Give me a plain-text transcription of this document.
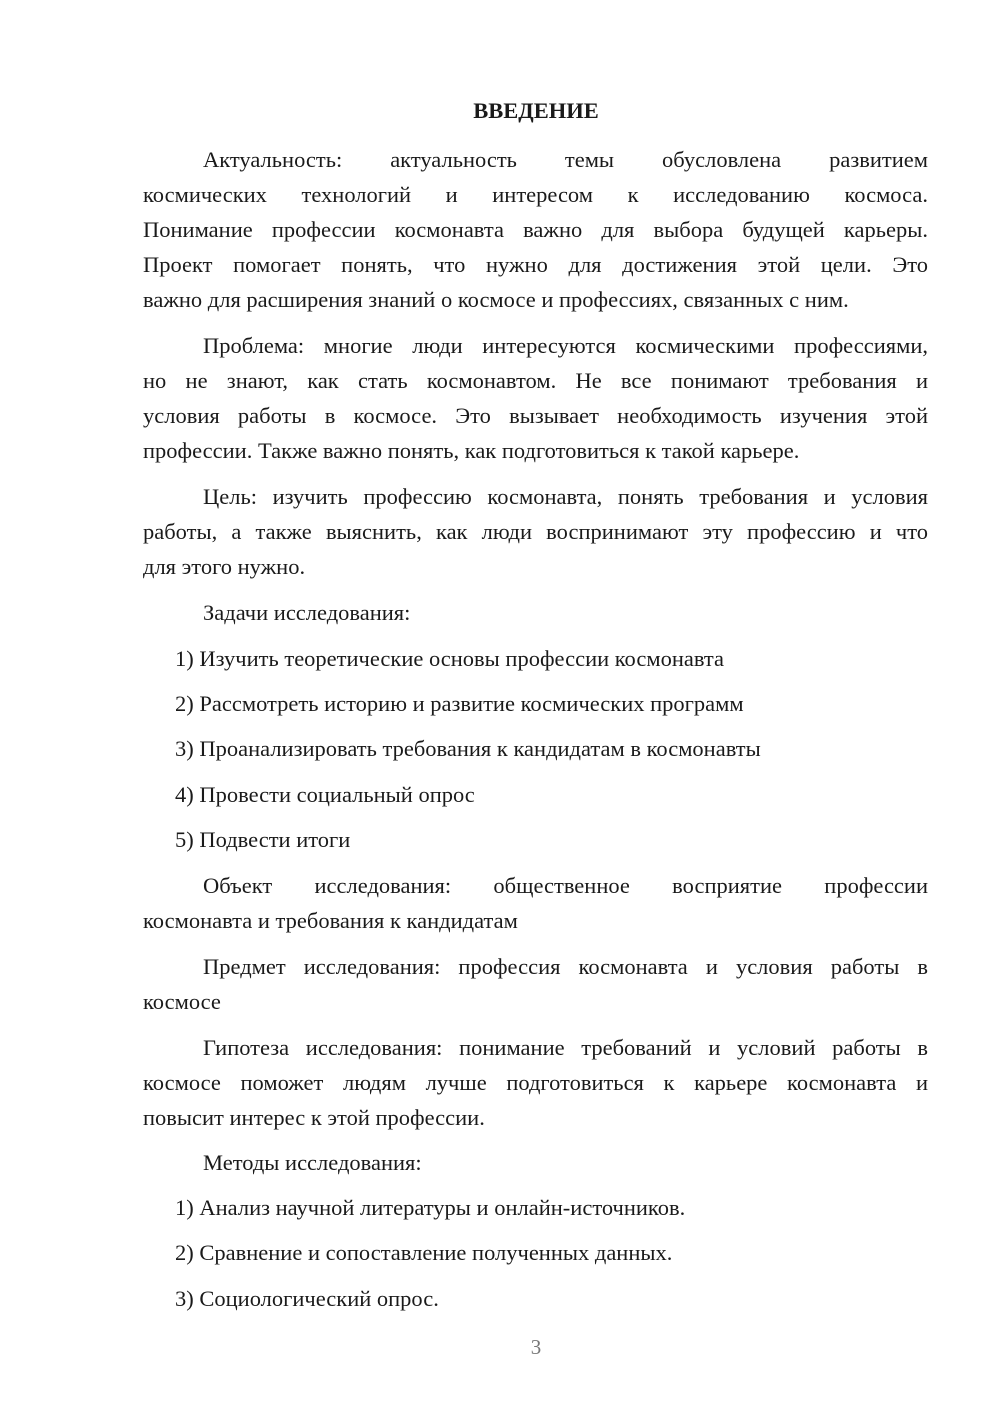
ВВЕДЕНИЕ
Актуальность: актуальность темы обусловлена развитием
космических технологий и интересом к исследованию космоса.
Понимание профессии космонавта важно для выбора будущей карьеры.
Проект помогает понять, что нужно для достижения этой цели. Это
важно для расширения знаний о космосе и профессиях, связанных с ним.
Проблема: многие люди интересуются космическими профессиями,
но не знают, как стать космонавтом. Не все понимают требования и
условия работы в космосе. Это вызывает необходимость изучения этой
профессии. Также важно понять, как подготовиться к такой карьере.
Цель: изучить профессию космонавта, понять требования и условия
работы, а также выяснить, как люди воспринимают эту профессию и что
для этого нужно.
Задачи исследования:
1) Изучить теоретические основы профессии космонавта
2) Рассмотреть историю и развитие космических программ
3) Проанализировать требования к кандидатам в космонавты
4) Провести социальный опрос
5) Подвести итоги
Объект исследования: общественное восприятие профессии
космонавта и требования к кандидатам
Предмет исследования: профессия космонавта и условия работы в
космосе
Гипотеза исследования: понимание требований и условий работы в
космосе поможет людям лучше подготовиться к карьере космонавта и
повысит интерес к этой профессии.
Методы исследования:
1) Анализ научной литературы и онлайн-источников.
2) Сравнение и сопоставление полученных данных.
3) Социологический опрос.
3
